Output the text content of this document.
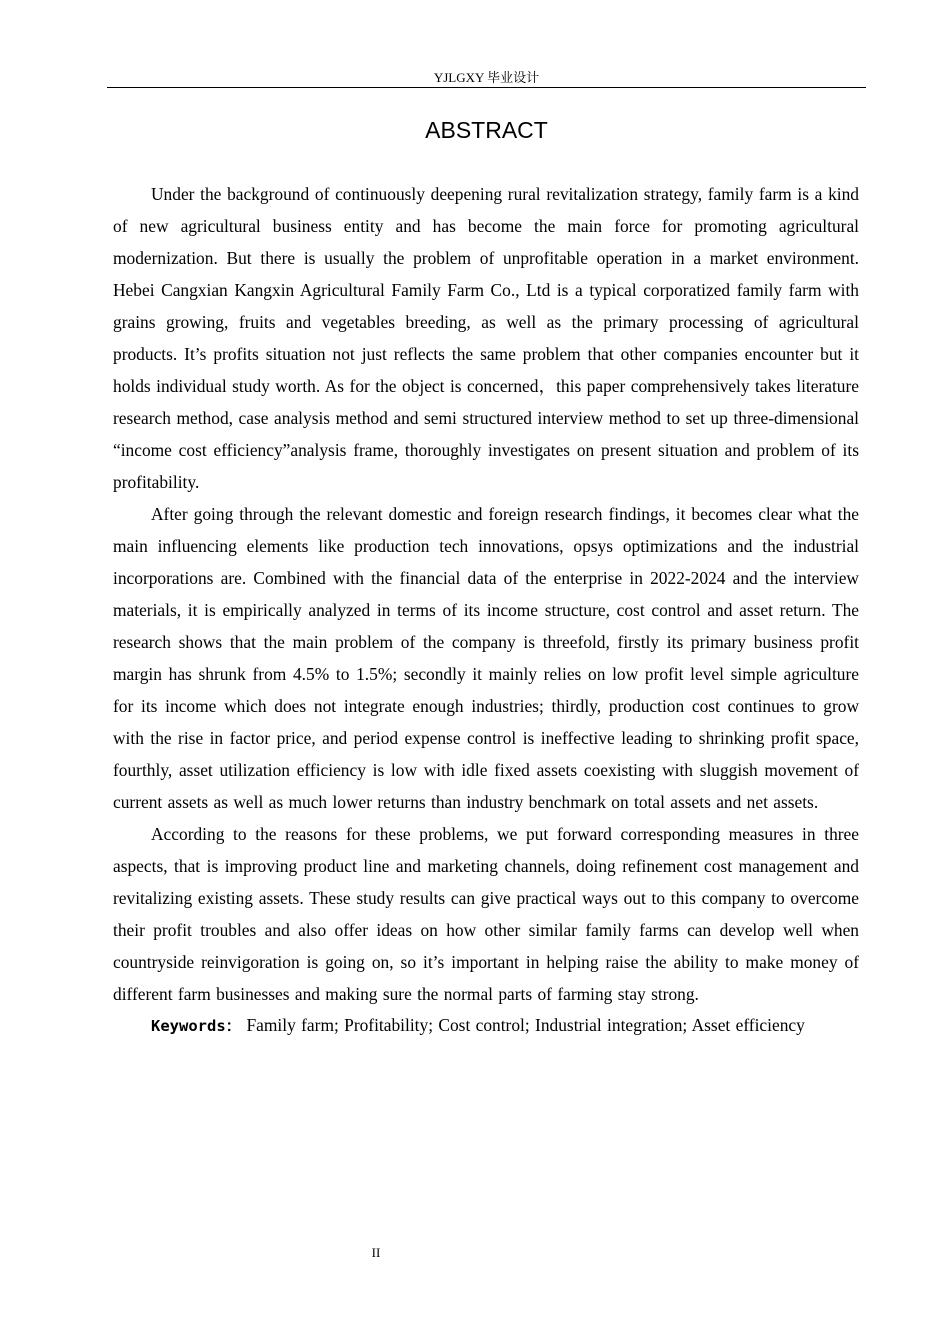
YJLGXY 毕业设计
ABSTRACT

Under the background of continuously deepening rural revitalization strategy, family farm is a kind of new agricultural business entity and has become the main force for promoting agricultural modernization. But there is usually the problem of unprofitable operation in a market environment. Hebei Cangxian Kangxin Agricultural Family Farm Co., Ltd is a typical corporatized family farm with grains growing, fruits and vegetables breeding, as well as the primary processing of agricultural products. It’s profits situation not just reflects the same problem that other companies encounter but it holds individual study worth. As for the object is concerned，this paper comprehensively takes literature research method, case analysis method and semi structured interview method to set up three-dimensional “income cost efficiency”analysis frame, thoroughly investigates on present situation and problem of its profitability.

After going through the relevant domestic and foreign research findings, it becomes clear what the main influencing elements like production tech innovations, opsys optimizations and the industrial incorporations are. Combined with the financial data of the enterprise in 2022-2024 and the interview materials, it is empirically analyzed in terms of its income structure, cost control and asset return. The research shows that the main problem of the company is threefold, firstly its primary business profit margin has shrunk from 4.5% to 1.5%; secondly it mainly relies on low profit level simple agriculture for its income which does not integrate enough industries; thirdly, production cost continues to grow with the rise in factor price, and period expense control is ineffective leading to shrinking profit space, fourthly, asset utilization efficiency is low with idle fixed assets coexisting with sluggish movement of current assets as well as much lower returns than industry benchmark on total assets and net assets.

According to the reasons for these problems, we put forward corresponding measures in three aspects, that is improving product line and marketing channels, doing refinement cost management and revitalizing existing assets. These study results can give practical ways out to this company to overcome their profit troubles and also offer ideas on how other similar family farms can develop well when countryside reinvigoration is going on, so it’s important in helping raise the ability to make money of different farm businesses and making sure the normal parts of farming stay strong.

Keywords： Family farm; Profitability; Cost control; Industrial integration; Asset efficiency

II
